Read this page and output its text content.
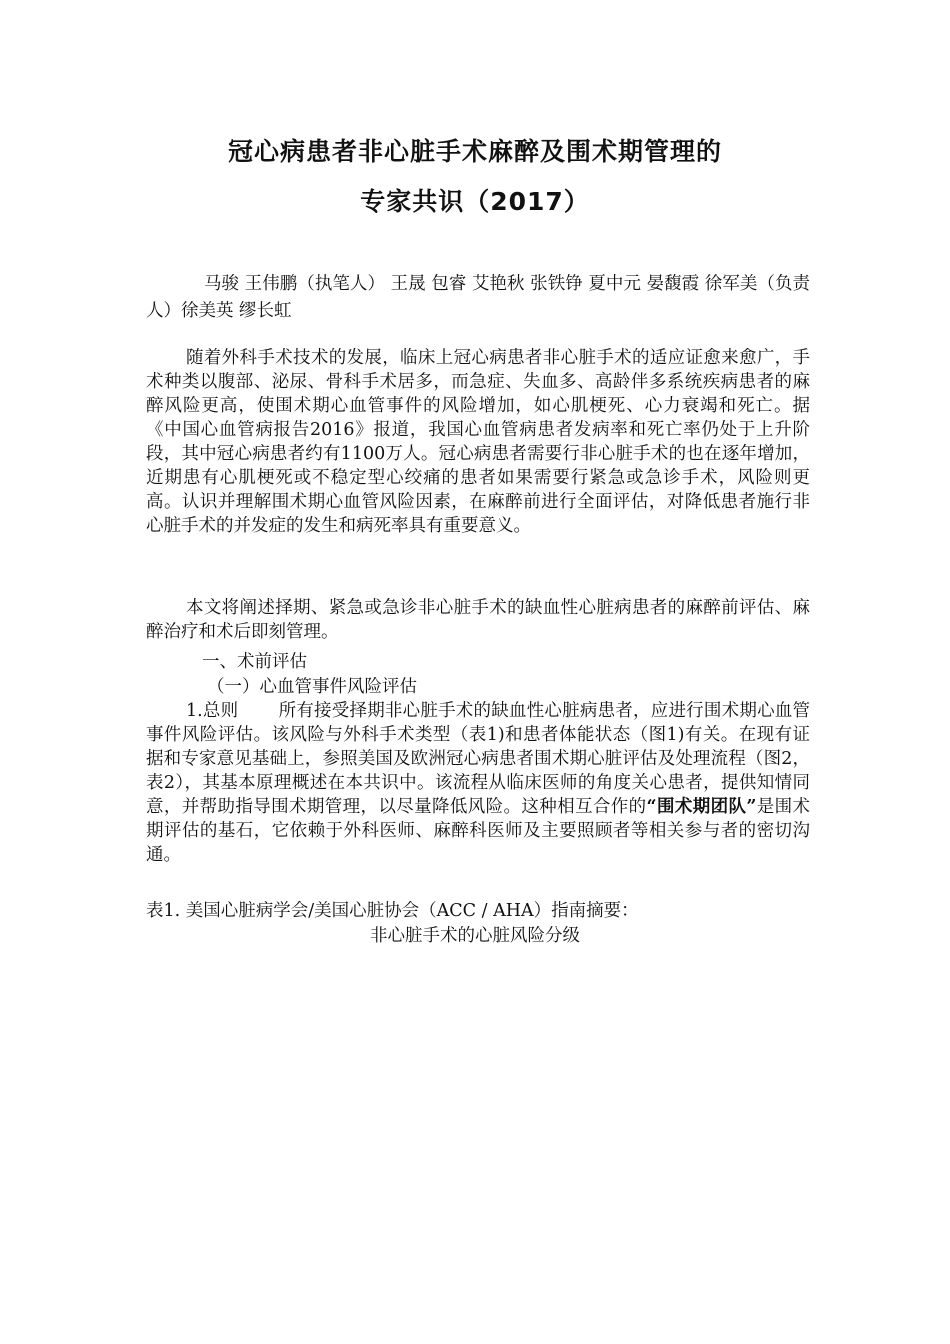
冠心病患者非心脏手术麻醉及围术期管理的
专家共识（2017）
马骏 王伟鹏（执笔人） 王晟 包睿 艾艳秋 张铁铮 夏中元 晏馥霞 徐军美（负责人）徐美英 缪长虹
随着外科手术技术的发展，临床上冠心病患者非心脏手术的适应证愈来愈广，手术种类以腹部、泌尿、骨科手术居多，而急症、失血多、高龄伴多系统疾病患者的麻醉风险更高，使围术期心血管事件的风险增加，如心肌梗死、心力衰竭和死亡。据《中国心血管病报告2016》报道，我国心血管病患者发病率和死亡率仍处于上升阶段，其中冠心病患者约有1100万人。冠心病患者需要行非心脏手术的也在逐年增加，近期患有心肌梗死或不稳定型心绞痛的患者如果需要行紧急或急诊手术，风险则更高。认识并理解围术期心血管风险因素，在麻醉前进行全面评估，对降低患者施行非心脏手术的并发症的发生和病死率具有重要意义。
本文将阐述择期、紧急或急诊非心脏手术的缺血性心脏病患者的麻醉前评估、麻醉治疗和术后即刻管理。
一、术前评估
（一）心血管事件风险评估
1.总则 所有接受择期非心脏手术的缺血性心脏病患者，应进行围术期心血管事件风险评估。该风险与外科手术类型（表1)和患者体能状态（图1)有关。在现有证据和专家意见基础上，参照美国及欧洲冠心病患者围术期心脏评估及处理流程（图2，表2），其基本原理概述在本共识中。该流程从临床医师的角度关心患者，提供知情同意，并帮助指导围术期管理，以尽量降低风险。这种相互合作的“围术期团队”是围术期评估的基石，它依赖于外科医师、麻醉科医师及主要照顾者等相关参与者的密切沟通。
表1. 美国心脏病学会/美国心脏协会（ACC / AHA）指南摘要：
非心脏手术的心脏风险分级
